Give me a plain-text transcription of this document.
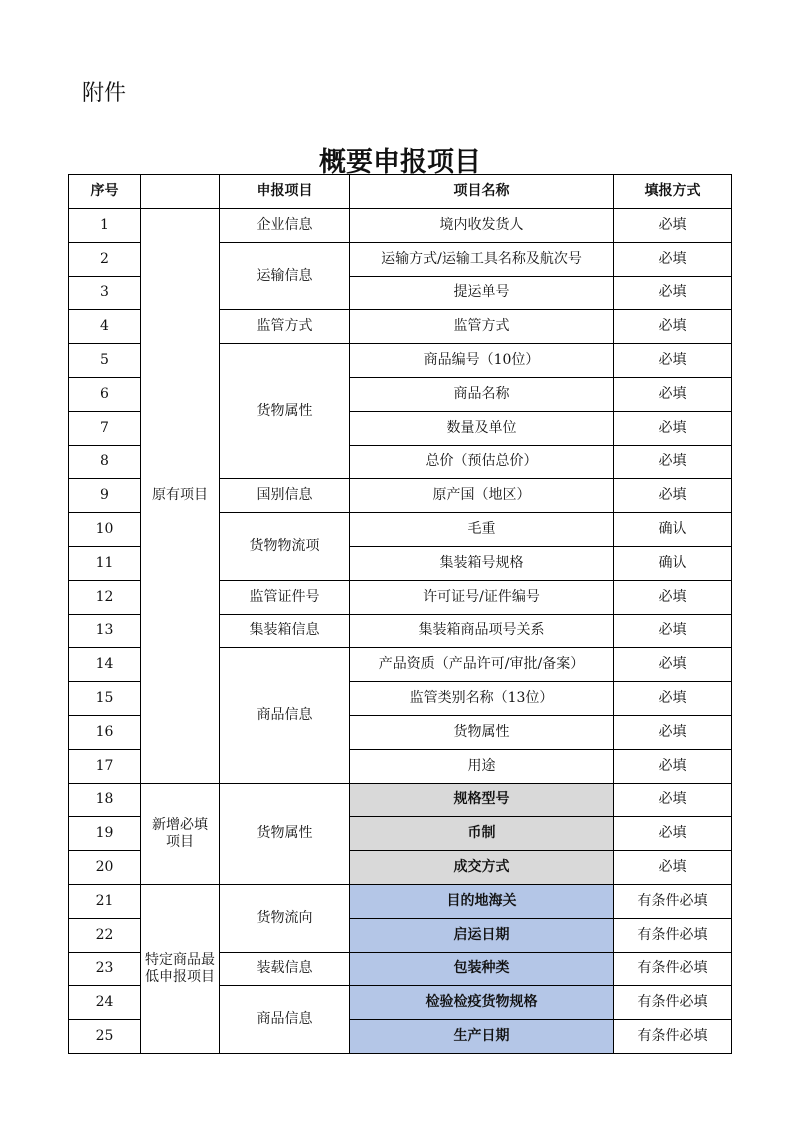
附件
概要申报项目
序号		申报项目	项目名称	填报方式
1	原有项目	企业信息	境内收发货人	必填
2		运输信息	运输方式/运输工具名称及航次号	必填
3			提运单号	必填
4		监管方式	监管方式	必填
5		货物属性	商品编号（10位）	必填
6			商品名称	必填
7			数量及单位	必填
8			总价（预估总价）	必填
9		国别信息	原产国（地区）	必填
10		货物物流项	毛重	确认
11			集装箱号规格	确认
12		监管证件号	许可证号/证件编号	必填
13		集装箱信息	集装箱商品项号关系	必填
14		商品信息	产品资质（产品许可/审批/备案）	必填
15			监管类别名称（13位）	必填
16			货物属性	必填
17			用途	必填
18	新增必填项目	货物属性	规格型号	必填
19			币制	必填
20			成交方式	必填
21	特定商品最低申报项目	货物流向	目的地海关	有条件必填
22			启运日期	有条件必填
23		装载信息	包装种类	有条件必填
24		商品信息	检验检疫货物规格	有条件必填
25			生产日期	有条件必填
